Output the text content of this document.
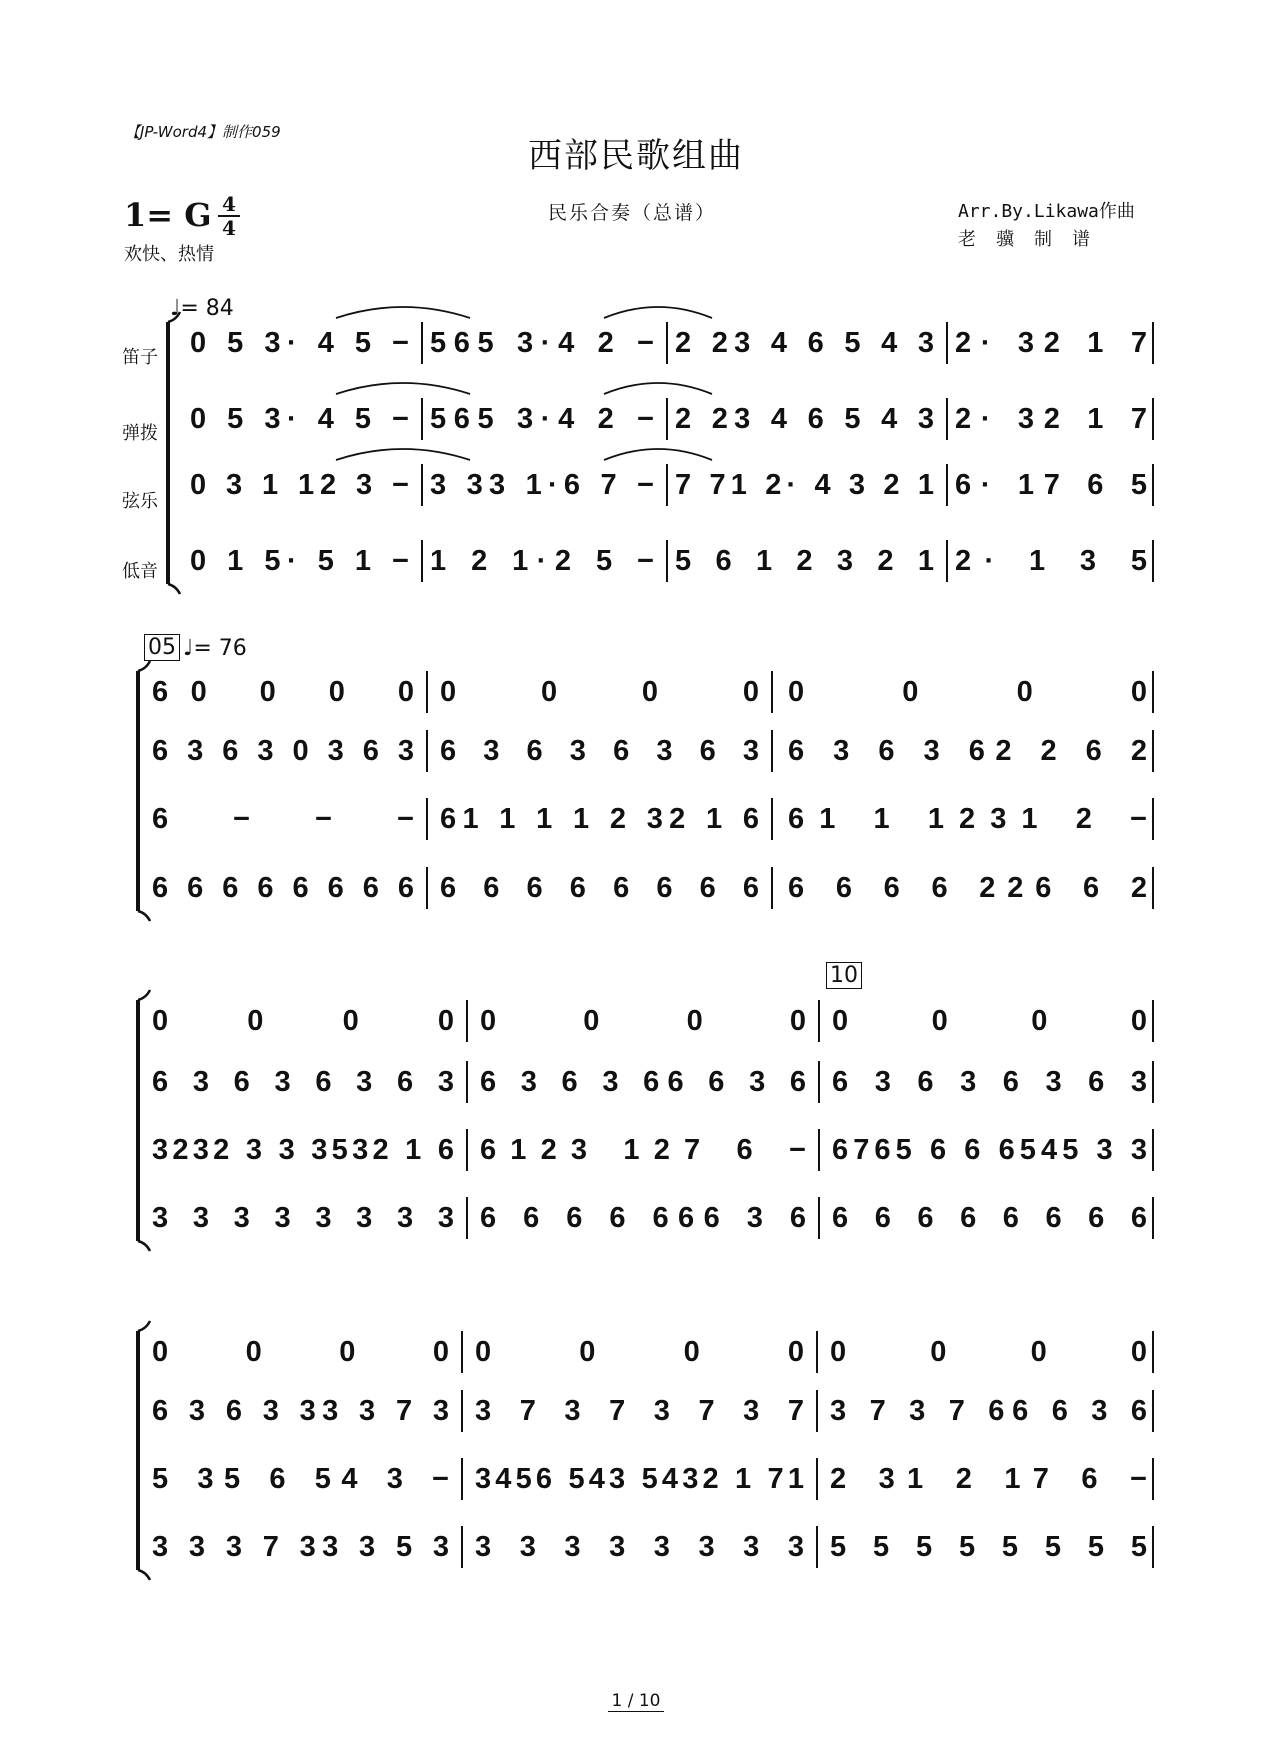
【JP-Word4】制作059
西部民歌组曲
1= G 4
4
欢快、热情
民乐合奏（总谱）	Arr.By.Likawa作曲
老骥制谱
♩= 84
笛子
弹拨
弦乐
低音
05 ♩= 76
10
0 5 3· 4 5 −
0 5 3· 4 5 −
0 3 1 12 3 −
0 1 5· 5 1 −
565 3·4 2 −
565 3·4 2 −
3 33 1·6 7 −
1 2 1·2 5 −
2 23 4 6 5 4 3
2 23 4 6 5 4 3
7 71 2· 4 3 2 1
5 6 1 2 3 2 1
2· 32 1 7
2· 32 1 7
6· 17 6 5
2· 1 3 5
60 0 0 0
6 3 6 3 0 3 6 3
6 − − −
6 6 6 6 6 6 6 6
0 0 0 0
6 3 6 3 6 3 6 3
61 1 1 1 2 32 1 6
6 6 6 6 6 6 6 6
0 0 0 0
6 3 6 3 62 2 6 2
61 1 1231 2 −
6 6 6 6 226 6 2
0 0 0 0
6 3 6 3 6 3 6 3
3232 3 3 3532 1 6
3 3 3 3 3 3 3 3
0 0 0 0
6 3 6 3 66 6 3 6
6123 127 6 −
6 6 6 6 666 3 6
0 0 0 0
6 3 6 3 6 3 6 3
6765 6 6 6545 3 3
6 6 6 6 6 6 6 6
0 0 0 0
6 3 6 3 33 3 7 3
5 35 6 54 3 −
3 3 3 7 33 3 5 3
0 0 0 0
3 7 3 7 3 7 3 7
3456 543 5432 1 71
3 3 3 3 3 3 3 3
0 0 0 0
3 7 3 7 66 6 3 6
2 31 2 17 6 −
5 5 5 5 5 5 5 5
1 / 10
